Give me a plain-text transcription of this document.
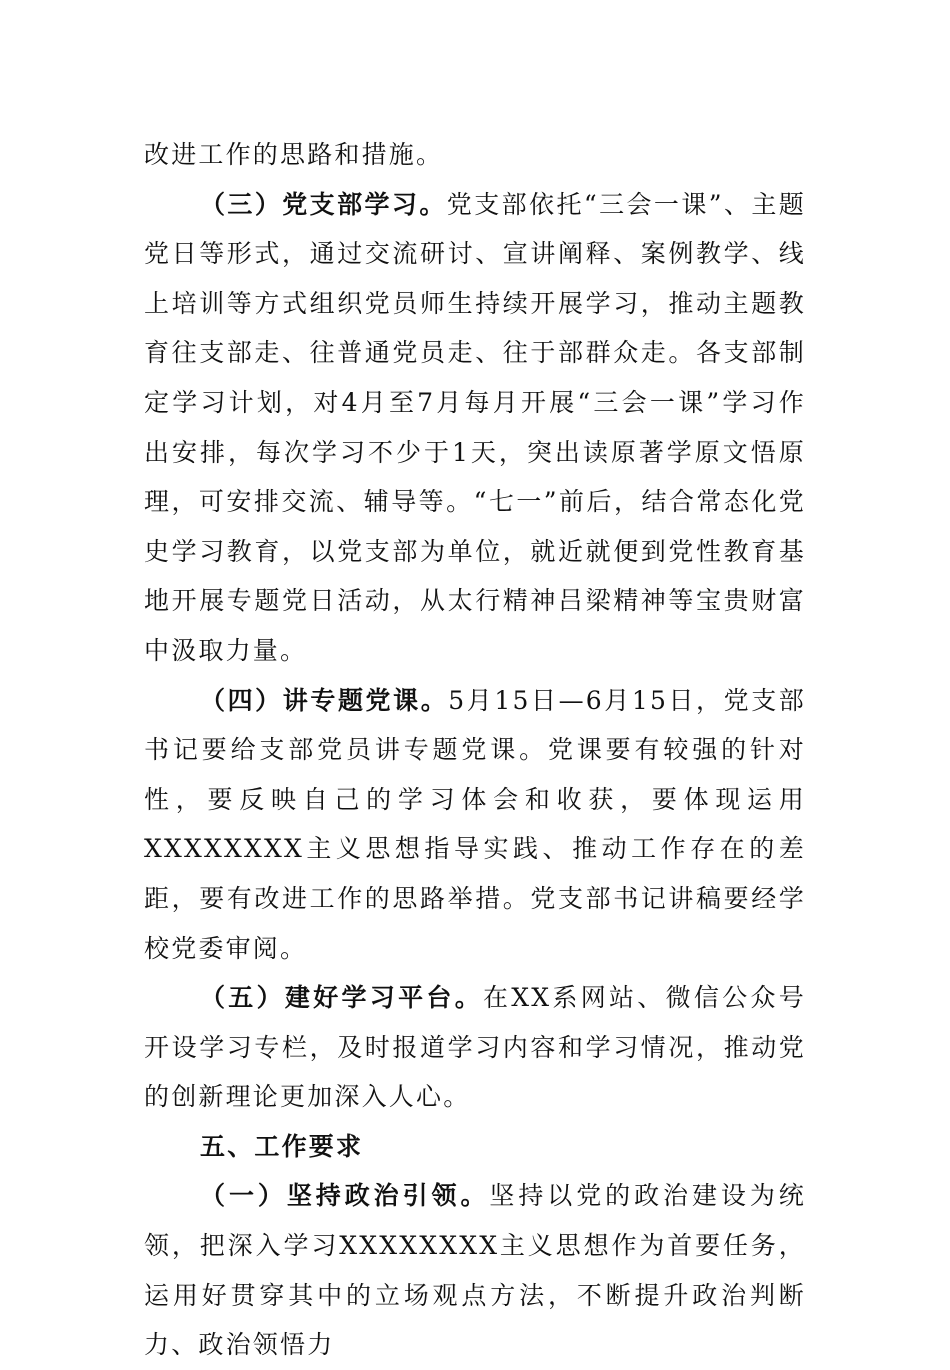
改进工作的思路和措施。

（三）党支部学习。党支部依托“三会一课”、主题党日等形式，通过交流研讨、宣讲阐释、案例教学、线上培训等方式组织党员师生持续开展学习，推动主题教育往支部走、往普通党员走、往于部群众走。各支部制定学习计划，对4月至7月每月开展“三会一课”学习作出安排，每次学习不少于1天，突出读原著学原文悟原理，可安排交流、辅导等。“七一”前后，结合常态化党史学习教育，以党支部为单位，就近就便到党性教育基地开展专题党日活动，从太行精神吕梁精神等宝贵财富中汲取力量。

（四）讲专题党课。5月15日—6月15日，党支部书记要给支部党员讲专题党课。党课要有较强的针对性，要反映自己的学习体会和收获，要体现运用XXXXXXXX主义思想指导实践、推动工作存在的差距，要有改进工作的思路举措。党支部书记讲稿要经学校党委审阅。

（五）建好学习平台。在XX系网站、微信公众号开设学习专栏，及时报道学习内容和学习情况，推动党的创新理论更加深入人心。

五、工作要求

（一）坚持政治引领。坚持以党的政治建设为统领，把深入学习XXXXXXXX主义思想作为首要任务，运用好贯穿其中的立场观点方法，不断提升政治判断力、政治领悟力
